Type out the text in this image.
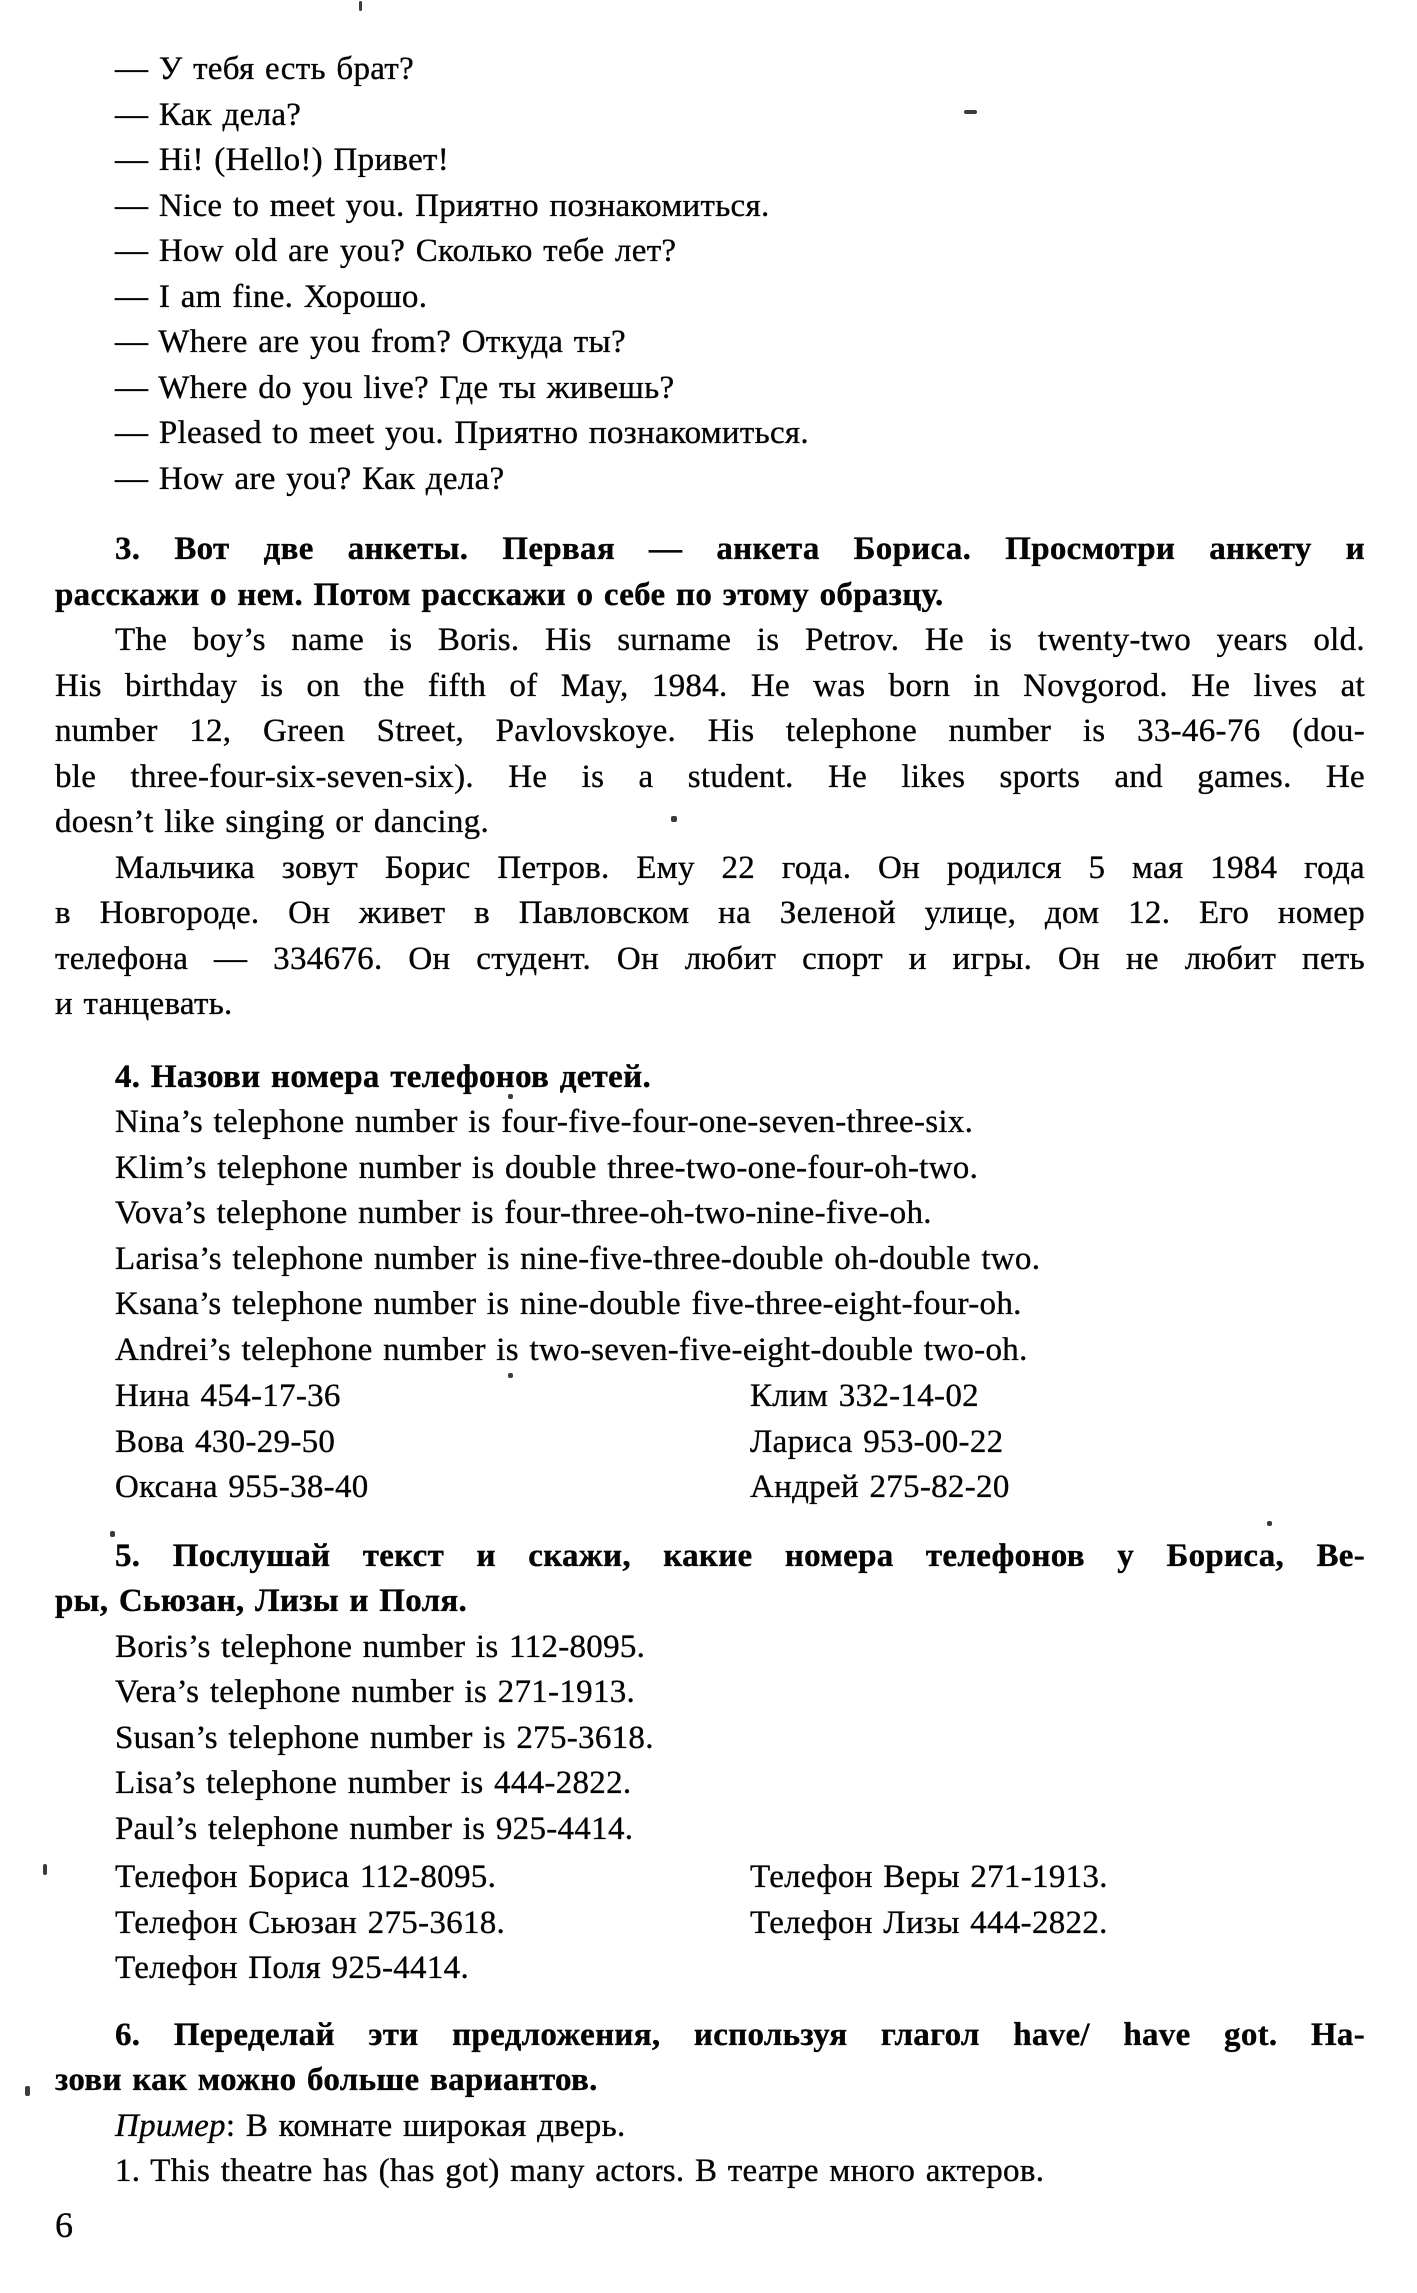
— У тебя есть брат?
— Как дела?
— Hi! (Hello!) Привет!
— Nice to meet you. Приятно познакомиться.
— How old are you? Сколько тебе лет?
— I am fine. Хорошо.
— Where are you from? Откуда ты?
— Where do you live? Где ты живешь?
— Pleased to meet you. Приятно познакомиться.
— How are you? Как дела?
3. Вот две анкеты. Первая — анкета Бориса. Просмотри анкету и
расскажи о нем. Потом расскажи о себе по этому образцу.
The boy’s name is Boris. His surname is Petrov. He is twenty-two years old.
His birthday is on the fifth of May, 1984. He was born in Novgorod. He lives at
number 12, Green Street, Pavlovskoye. His telephone number is 33-46-76 (dou-
ble three-four-six-seven-six). He is a student. He likes sports and games. He
doesn’t like singing or dancing.
Мальчика зовут Борис Петров. Ему 22 года. Он родился 5 мая 1984 года
в Новгороде. Он живет в Павловском на Зеленой улице, дом 12. Его номер
телефона — 334676. Он студент. Он любит спорт и игры. Он не любит петь
и танцевать.
4. Назови номера телефонов детей.
Nina’s telephone number is four-five-four-one-seven-three-six.
Klim’s telephone number is double three-two-one-four-oh-two.
Vova’s telephone number is four-three-oh-two-nine-five-oh.
Larisa’s telephone number is nine-five-three-double oh-double two.
Ksana’s telephone number is nine-double five-three-eight-four-oh.
Andrei’s telephone number is two-seven-five-eight-double two-oh.
Нина 454-17-36	Клим 332-14-02
Вова 430-29-50	Лариса 953-00-22
Оксана 955-38-40	Андрей 275-82-20
5. Послушай текст и скажи, какие номера телефонов у Бориса, Ве-
ры, Сьюзан, Лизы и Поля.
Boris’s telephone number is 112-8095.
Vera’s telephone number is 271-1913.
Susan’s telephone number is 275-3618.
Lisa’s telephone number is 444-2822.
Paul’s telephone number is 925-4414.
Телефон Бориса 112-8095.	Телефон Веры 271-1913.
Телефон Сьюзан 275-3618.	Телефон Лизы 444-2822.
Телефон Поля 925-4414.
6. Переделай эти предложения, используя глагол have/ have got. На-
зови как можно больше вариантов.
Пример: В комнате широкая дверь.
1. This theatre has (has got) many actors. В театре много актеров.
6
